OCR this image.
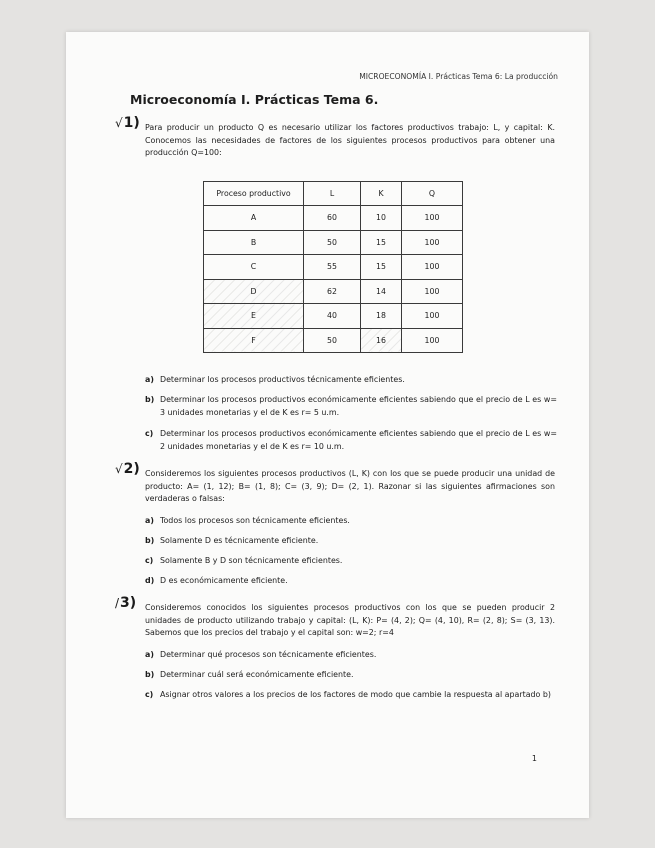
MICROECONOMÍA I. Prácticas Tema 6: La producción
Microeconomía I. Prácticas Tema 6.
√1) Para producir un producto Q es necesario utilizar los factores productivos trabajo: L, y capital: K. Conocemos las necesidades de factores de los siguientes procesos productivos para obtener una producción Q=100:
Proceso productivo	L	K	Q
A	60	10	100
B	50	15	100
C	55	15	100
D	62	14	100
E	40	18	100
F	50	16	100
a) Determinar los procesos productivos técnicamente eficientes.
b) Determinar los procesos productivos económicamente eficientes sabiendo que el precio de L es w= 3 unidades monetarias y el de K es r= 5 u.m.
c) Determinar los procesos productivos económicamente eficientes sabiendo que el precio de L es w= 2 unidades monetarias y el de K es r= 10 u.m.
√2) Consideremos los siguientes procesos productivos (L, K) con los que se puede producir una unidad de producto: A= (1, 12); B= (1, 8); C= (3, 9); D= (2, 1). Razonar si las siguientes afirmaciones son verdaderas o falsas:
a) Todos los procesos son técnicamente eficientes.
b) Solamente D es técnicamente eficiente.
c) Solamente B y D son técnicamente eficientes.
d) D es económicamente eficiente.
/3) Consideremos conocidos los siguientes procesos productivos con los que se pueden producir 2 unidades de producto utilizando trabajo y capital: (L, K): P= (4, 2); Q= (4, 10), R= (2, 8); S= (3, 13). Sabemos que los precios del trabajo y el capital son: w=2; r=4
a) Determinar qué procesos son técnicamente eficientes.
b) Determinar cuál será económicamente eficiente.
c) Asignar otros valores a los precios de los factores de modo que cambie la respuesta al apartado b)
1
